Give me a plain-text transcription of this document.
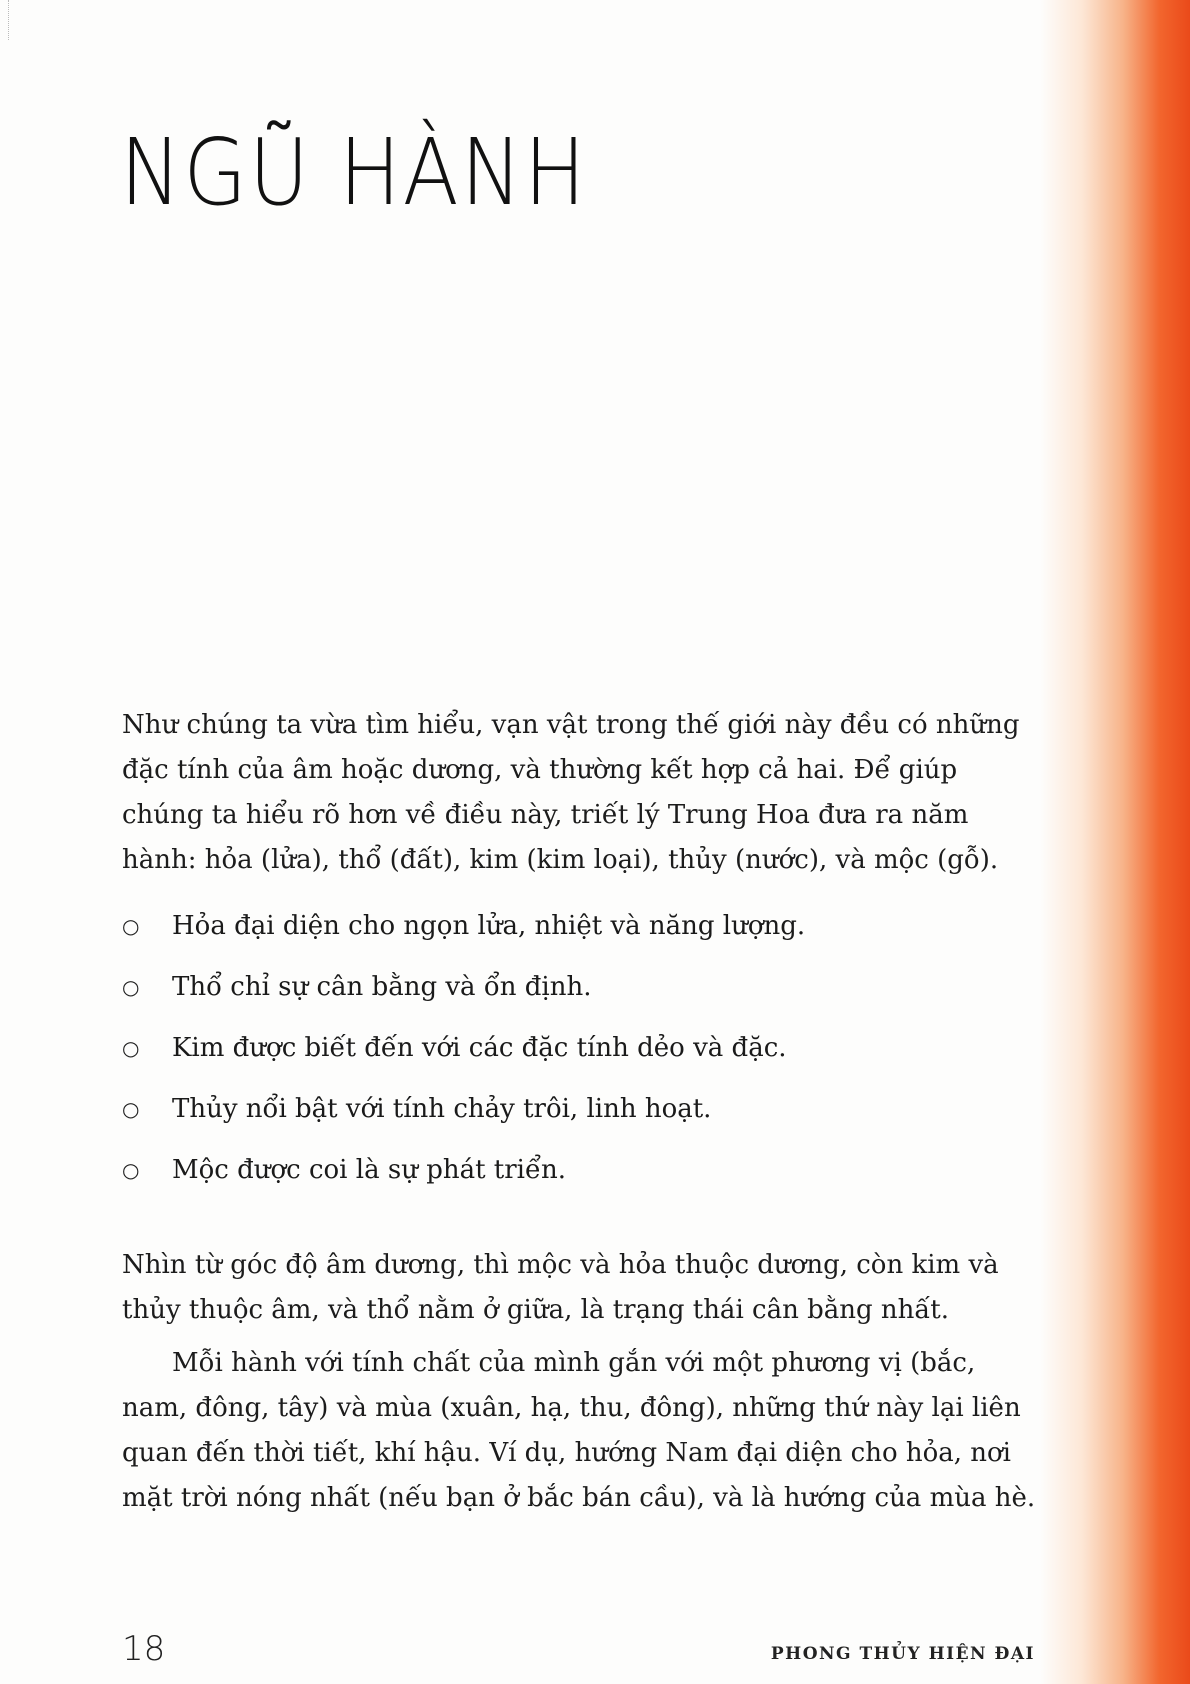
NGŨ HÀNH

Như chúng ta vừa tìm hiểu, vạn vật trong thế giới này đều có những đặc tính của âm hoặc dương, và thường kết hợp cả hai. Để giúp chúng ta hiểu rõ hơn về điều này, triết lý Trung Hoa đưa ra năm hành: hỏa (lửa), thổ (đất), kim (kim loại), thủy (nước), và mộc (gỗ).

○	Hỏa đại diện cho ngọn lửa, nhiệt và năng lượng.
○	Thổ chỉ sự cân bằng và ổn định.
○	Kim được biết đến với các đặc tính dẻo và đặc.
○	Thủy nổi bật với tính chảy trôi, linh hoạt.
○	Mộc được coi là sự phát triển.

Nhìn từ góc độ âm dương, thì mộc và hỏa thuộc dương, còn kim và thủy thuộc âm, và thổ nằm ở giữa, là trạng thái cân bằng nhất.

Mỗi hành với tính chất của mình gắn với một phương vị (bắc, nam, đông, tây) và mùa (xuân, hạ, thu, đông), những thứ này lại liên quan đến thời tiết, khí hậu. Ví dụ, hướng Nam đại diện cho hỏa, nơi mặt trời nóng nhất (nếu bạn ở bắc bán cầu), và là hướng của mùa hè.

18	PHONG THỦY HIỆN ĐẠI
